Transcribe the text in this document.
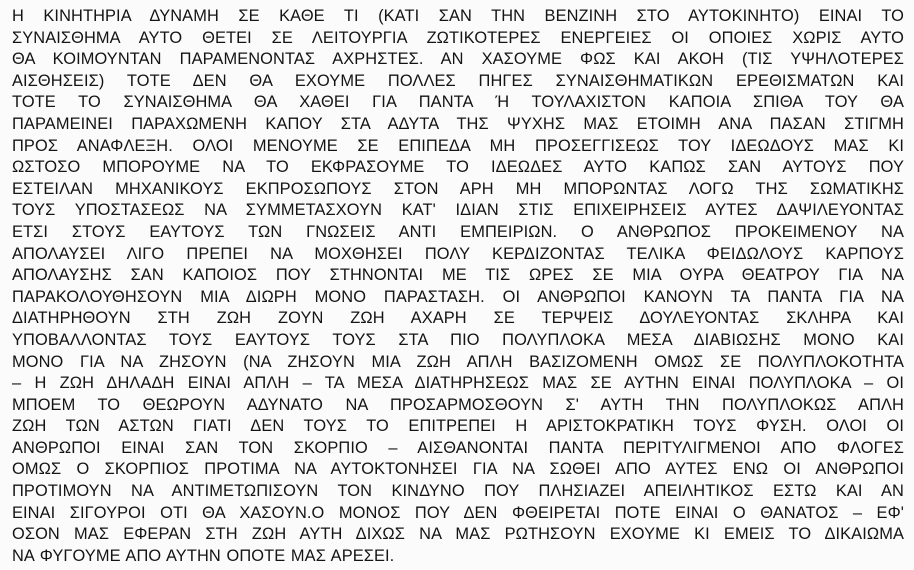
Η ΚΙΝΗΤΗΡΙΑ ΔΥΝΑΜΗ ΣΕ ΚΑΘΕ ΤΙ (ΚΑΤΙ ΣΑΝ ΤΗΝ ΒΕΝΖΙΝΗ ΣΤΟ ΑΥΤΟΚΙΝΗΤΟ) ΕΙΝΑΙ ΤΟ
ΣΥΝΑΙΣΘΗΜΑ ΑΥΤΟ ΘΕΤΕΙ ΣΕ ΛΕΙΤΟΥΡΓΙΑ ΖΩΤΙΚΟΤΕΡΕΣ ΕΝΕΡΓΕΙΕΣ ΟΙ ΟΠΟΙΕΣ ΧΩΡΙΣ ΑΥΤΟ
ΘΑ ΚΟΙΜΟΥΝΤΑΝ ΠΑΡΑΜΕΝΟΝΤΑΣ ΑΧΡΗΣΤΕΣ. ΑΝ ΧΑΣΟΥΜΕ ΦΩΣ ΚΑΙ ΑΚΟΗ (ΤΙΣ ΥΨΗΛΟΤΕΡΕΣ
ΑΙΣΘΗΣΕΙΣ) ΤΟΤΕ ΔΕΝ ΘΑ ΕΧΟΥΜΕ ΠΟΛΛΕΣ ΠΗΓΕΣ ΣΥΝΑΙΣΘΗΜΑΤΙΚΩΝ ΕΡΕΘΙΣΜΑΤΩΝ ΚΑΙ
ΤΟΤΕ ΤΟ ΣΥΝΑΙΣΘΗΜΑ ΘΑ ΧΑΘΕΙ ΓΙΑ ΠΑΝΤΑ Ή ΤΟΥΛΑΧΙΣΤΟΝ ΚΑΠΟΙΑ ΣΠΙΘΑ ΤΟΥ ΘΑ
ΠΑΡΑΜΕΙΝΕΙ ΠΑΡΑΧΩΜΕΝΗ ΚΑΠΟΥ ΣΤΑ ΑΔΥΤΑ ΤΗΣ ΨΥΧΗΣ ΜΑΣ ΕΤΟΙΜΗ ΑΝΑ ΠΑΣΑΝ ΣΤΙΓΜΗ
ΠΡΟΣ ΑΝΑΦΛΕΞΗ. ΟΛΟΙ ΜΕΝΟΥΜΕ ΣΕ ΕΠΙΠΕΔΑ ΜΗ ΠΡΟΣΕΓΓΙΣΕΩΣ ΤΟΥ ΙΔΕΩΔΟΥΣ ΜΑΣ ΚΙ
ΩΣΤΟΣΟ ΜΠΟΡΟΥΜΕ ΝΑ ΤΟ ΕΚΦΡΑΣΟΥΜΕ ΤΟ ΙΔΕΩΔΕΣ ΑΥΤΟ ΚΑΠΩΣ ΣΑΝ ΑΥΤΟΥΣ ΠΟΥ
ΕΣΤΕΙΛΑΝ ΜΗΧΑΝΙΚΟΥΣ ΕΚΠΡΟΣΩΠΟΥΣ ΣΤΟΝ ΑΡΗ ΜΗ ΜΠΟΡΩΝΤΑΣ ΛΟΓΩ ΤΗΣ ΣΩΜΑΤΙΚΗΣ
ΤΟΥΣ ΥΠΟΣΤΑΣΕΩΣ ΝΑ ΣΥΜΜΕΤΑΣΧΟΥΝ ΚΑΤ' ΙΔΙΑΝ ΣΤΙΣ ΕΠΙΧΕΙΡΗΣΕΙΣ ΑΥΤΕΣ ΔΑΨΙΛΕΥΟΝΤΑΣ
ΕΤΣΙ ΣΤΟΥΣ ΕΑΥΤΟΥΣ ΤΩΝ ΓΝΩΣΕΙΣ ΑΝΤΙ ΕΜΠΕΙΡΙΩΝ. Ο ΑΝΘΡΩΠΟΣ ΠΡΟΚΕΙΜΕΝΟΥ ΝΑ
ΑΠΟΛΑΥΣΕΙ ΛΙΓΟ ΠΡΕΠΕΙ ΝΑ ΜΟΧΘΗΣΕΙ ΠΟΛΥ ΚΕΡΔΙΖΟΝΤΑΣ ΤΕΛΙΚΑ ΦΕΙΔΩΛΟΥΣ ΚΑΡΠΟΥΣ
ΑΠΟΛΑΥΣΗΣ ΣΑΝ ΚΑΠΟΙΟΣ ΠΟΥ ΣΤΗΝΟΝΤΑΙ ΜΕ ΤΙΣ ΩΡΕΣ ΣΕ ΜΙΑ ΟΥΡΑ ΘΕΑΤΡΟΥ ΓΙΑ ΝΑ
ΠΑΡΑΚΟΛΟΥΘΗΣΟΥΝ ΜΙΑ ΔΙΩΡΗ ΜΟΝΟ ΠΑΡΑΣΤΑΣΗ. ΟΙ ΑΝΘΡΩΠΟΙ ΚΑΝΟΥΝ ΤΑ ΠΑΝΤΑ ΓΙΑ ΝΑ
ΔΙΑΤΗΡΗΘΟΥΝ ΣΤΗ ΖΩΗ ΖΟΥΝ ΖΩΗ ΑΧΑΡΗ ΣΕ ΤΕΡΨΕΙΣ ΔΟΥΛΕΥΟΝΤΑΣ ΣΚΛΗΡΑ ΚΑΙ
ΥΠΟΒΑΛΛΟΝΤΑΣ ΤΟΥΣ ΕΑΥΤΟΥΣ ΤΟΥΣ ΣΤΑ ΠΙΟ ΠΟΛΥΠΛΟΚΑ ΜΕΣΑ ΔΙΑΒΙΩΣΗΣ ΜΟΝΟ ΚΑΙ
ΜΟΝΟ ΓΙΑ ΝΑ ΖΗΣΟΥΝ (ΝΑ ΖΗΣΟΥΝ ΜΙΑ ΖΩΗ ΑΠΛΗ ΒΑΣΙΖΟΜΕΝΗ ΟΜΩΣ ΣΕ ΠΟΛΥΠΛΟΚΟΤΗΤΑ
– Η ΖΩΗ ΔΗΛΑΔΗ ΕΙΝΑΙ ΑΠΛΗ – ΤΑ ΜΕΣΑ ΔΙΑΤΗΡΗΣΕΩΣ ΜΑΣ ΣΕ ΑΥΤΗΝ ΕΙΝΑΙ ΠΟΛΥΠΛΟΚΑ – ΟΙ
ΜΠΟΕΜ ΤΟ ΘΕΩΡΟΥΝ ΑΔΥΝΑΤΟ ΝΑ ΠΡΟΣΑΡΜΟΣΘΟΥΝ Σ' ΑΥΤΗ ΤΗΝ ΠΟΛΥΠΛΟΚΩΣ ΑΠΛΗ
ΖΩΗ ΤΩΝ ΑΣΤΩΝ ΓΙΑΤΙ ΔΕΝ ΤΟΥΣ ΤΟ ΕΠΙΤΡΕΠΕΙ Η ΑΡΙΣΤΟΚΡΑΤΙΚΗ ΤΟΥΣ ΦΥΣΗ. ΟΛΟΙ ΟΙ
ΑΝΘΡΩΠΟΙ ΕΙΝΑΙ ΣΑΝ ΤΟΝ ΣΚΟΡΠΙΟ – ΑΙΣΘΑΝΟΝΤΑΙ ΠΑΝΤΑ ΠΕΡΙΤΥΛΙΓΜΕΝΟΙ ΑΠΟ ΦΛΟΓΕΣ
ΟΜΩΣ Ο ΣΚΟΡΠΙΟΣ ΠΡΟΤΙΜΑ ΝΑ ΑΥΤΟΚΤΟΝΗΣΕΙ ΓΙΑ ΝΑ ΣΩΘΕΙ ΑΠΟ ΑΥΤΕΣ ΕΝΩ ΟΙ ΑΝΘΡΩΠΟΙ
ΠΡΟΤΙΜΟΥΝ ΝΑ ΑΝΤΙΜΕΤΩΠΙΣΟΥΝ ΤΟΝ ΚΙΝΔΥΝΟ ΠΟΥ ΠΛΗΣΙΑΖΕΙ ΑΠΕΙΛΗΤΙΚΟΣ ΕΣΤΩ ΚΑΙ ΑΝ
ΕΙΝΑΙ ΣΙΓΟΥΡΟΙ ΟΤΙ ΘΑ ΧΑΣΟΥΝ.Ο ΜΟΝΟΣ ΠΟΥ ΔΕΝ ΦΘΕΙΡΕΤΑΙ ΠΟΤΕ ΕΙΝΑΙ Ο ΘΑΝΑΤΟΣ – ΕΦ'
ΟΣΟΝ ΜΑΣ ΕΦΕΡΑΝ ΣΤΗ ΖΩΗ ΑΥΤΗ ΔΙΧΩΣ ΝΑ ΜΑΣ ΡΩΤΗΣΟΥΝ ΕΧΟΥΜΕ ΚΙ ΕΜΕΙΣ ΤΟ ΔΙΚΑΙΩΜΑ
ΝΑ ΦΥΓΟΥΜΕ ΑΠΟ ΑΥΤΗΝ ΟΠΟΤΕ ΜΑΣ ΑΡΕΣΕΙ.
